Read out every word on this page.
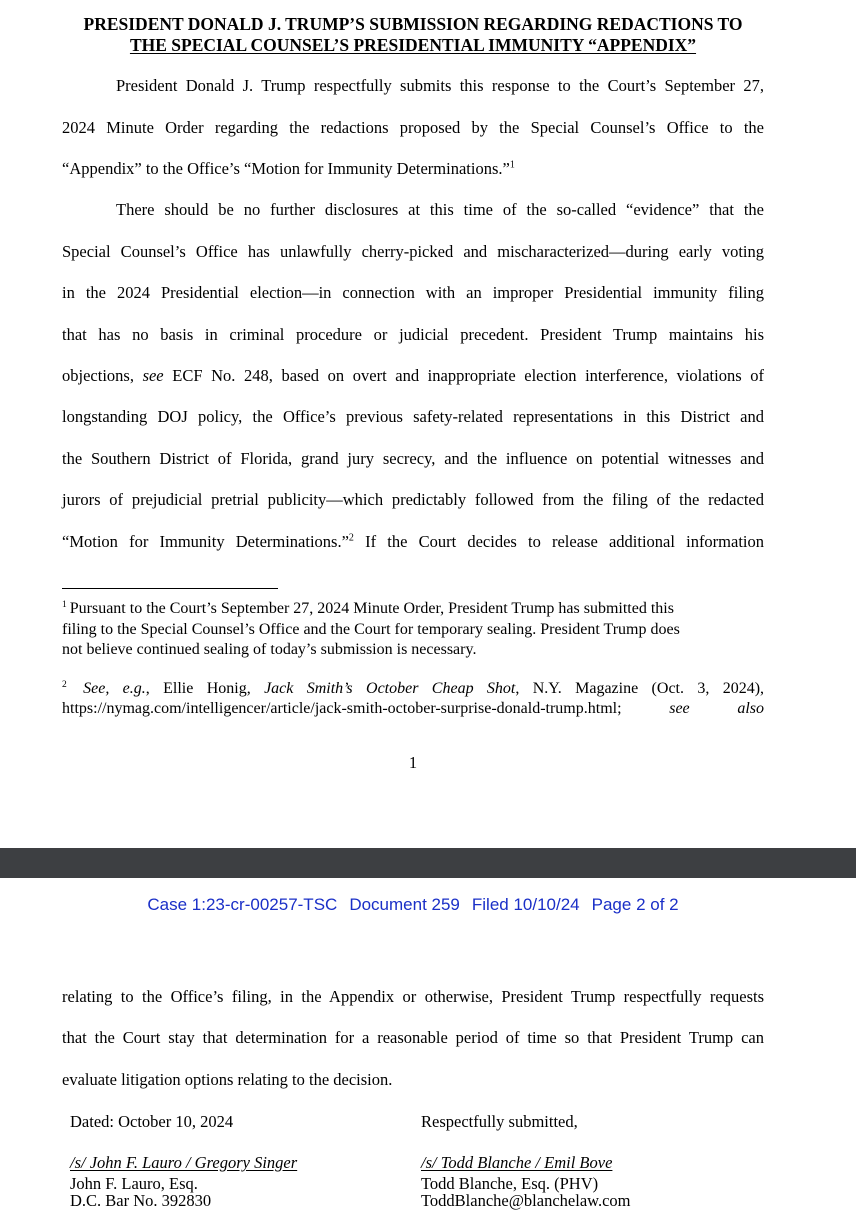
PRESIDENT DONALD J. TRUMP’S SUBMISSION REGARDING REDACTIONS TO
THE SPECIAL COUNSEL’S PRESIDENTIAL IMMUNITY “APPENDIX”
President Donald J. Trump respectfully submits this response to the Court’s September 27,
2024 Minute Order regarding the redactions proposed by the Special Counsel’s Office to the
“Appendix” to the Office’s “Motion for Immunity Determinations.”$^1$
There should be no further disclosures at this time of the so-called “evidence” that the
Special Counsel’s Office has unlawfully cherry-picked and mischaracterized—during early voting
in the 2024 Presidential election—in connection with an improper Presidential immunity filing
that has no basis in criminal procedure or judicial precedent. President Trump maintains his
objections, see ECF No. 248, based on overt and inappropriate election interference, violations of
longstanding DOJ policy, the Office’s previous safety-related representations in this District and
the Southern District of Florida, grand jury secrecy, and the influence on potential witnesses and
jurors of prejudicial pretrial publicity—which predictably followed from the filing of the redacted
“Motion for Immunity Determinations.”$^2$ If the Court decides to release additional information
$^1$ Pursuant to the Court’s September 27, 2024 Minute Order, President Trump has submitted this
filing to the Special Counsel’s Office and the Court for temporary sealing. President Trump does
not believe continued sealing of today’s submission is necessary.
$^2$ See, e.g., Ellie Honig, Jack Smith’s October Cheap Shot, N.Y. Magazine (Oct. 3, 2024),
https://nymag.com/intelligencer/article/jack-smith-october-surprise-donald-trump.html;	see also
1
Case 1:23-cr-00257-TSC Document 259 Filed 10/10/24 Page 2 of 2
relating to the Office’s filing, in the Appendix or otherwise, President Trump respectfully requests
that the Court stay that determination for a reasonable period of time so that President Trump can
evaluate litigation options relating to the decision.
Dated: October 10, 2024	Respectfully submitted,
/s/ John F. Lauro / Gregory Singer	/s/ Todd Blanche / Emil Bove
John F. Lauro, Esq.	Todd Blanche, Esq. (PHV)
D.C. Bar No. 392830	ToddBlanche@blanchelaw.com
